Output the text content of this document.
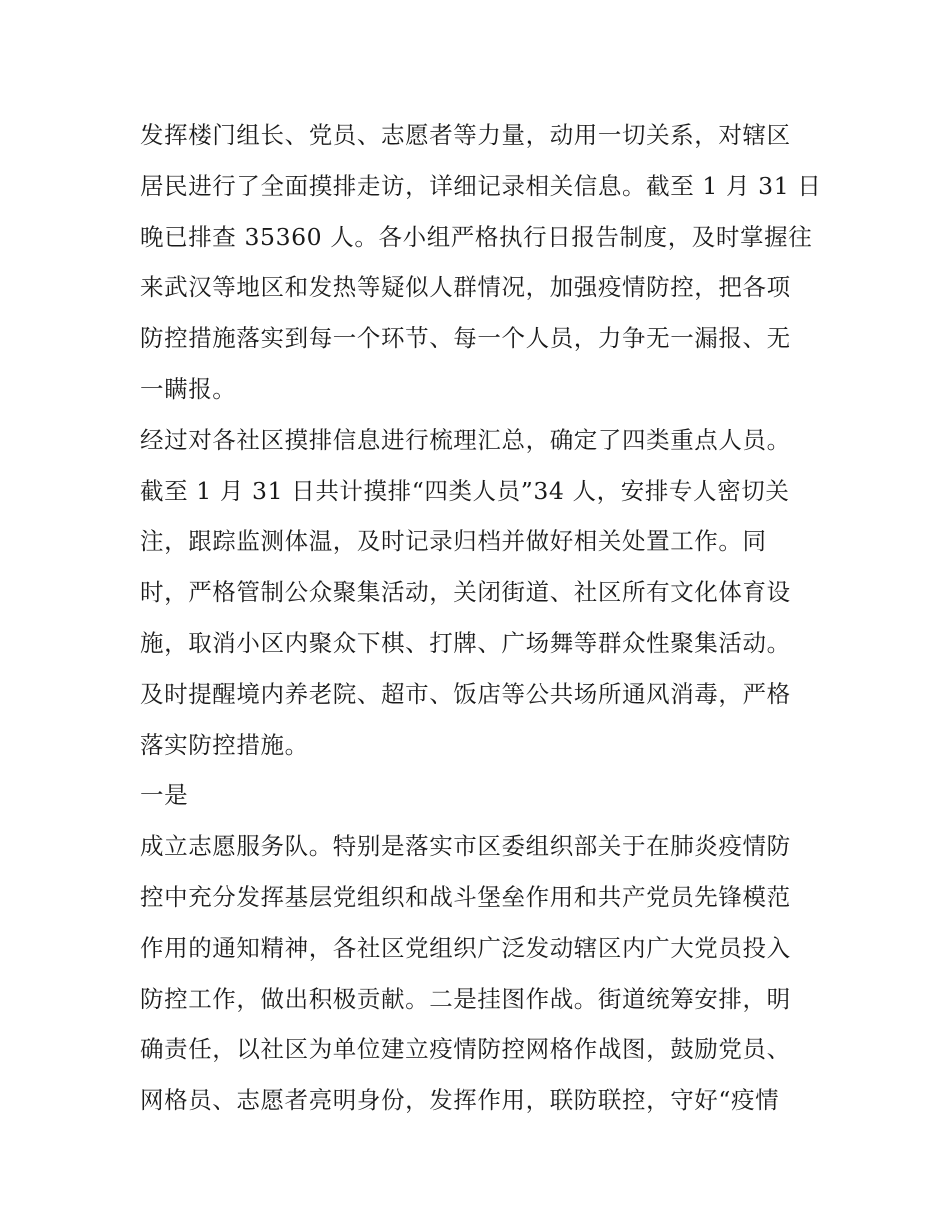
发挥楼门组长、党员、志愿者等力量，动用一切关系，对辖区
居民进行了全面摸排走访，详细记录相关信息。截至 1 月 31 日
晚已排查 35360 人。各小组严格执行日报告制度，及时掌握往
来武汉等地区和发热等疑似人群情况，加强疫情防控，把各项
防控措施落实到每一个环节、每一个人员，力争无一漏报、无
一瞒报。
经过对各社区摸排信息进行梳理汇总，确定了四类重点人员。
截至 1 月 31 日共计摸排“四类人员”34 人，安排专人密切关
注，跟踪监测体温，及时记录归档并做好相关处置工作。同
时，严格管制公众聚集活动，关闭街道、社区所有文化体育设
施，取消小区内聚众下棋、打牌、广场舞等群众性聚集活动。
及时提醒境内养老院、超市、饭店等公共场所通风消毒，严格
落实防控措施。
一是
成立志愿服务队。特别是落实市区委组织部关于在肺炎疫情防
控中充分发挥基层党组织和战斗堡垒作用和共产党员先锋模范
作用的通知精神，各社区党组织广泛发动辖区内广大党员投入
防控工作，做出积极贡献。二是挂图作战。街道统筹安排，明
确责任，以社区为单位建立疫情防控网格作战图，鼓励党员、
网格员、志愿者亮明身份，发挥作用，联防联控，守好“疫情
